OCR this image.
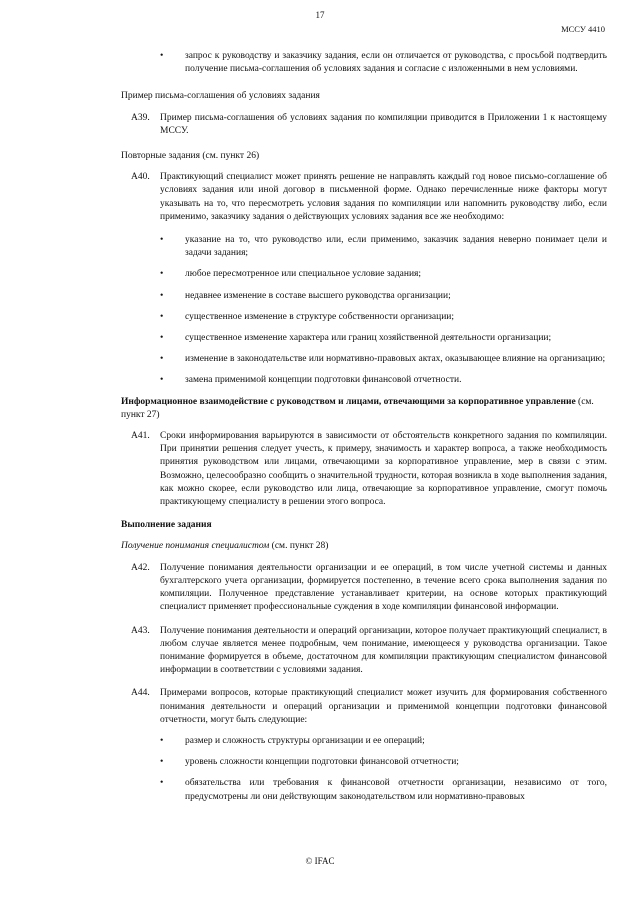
17
МССУ 4410
• запрос к руководству и заказчику задания, если он отличается от руководства, с просьбой подтвердить получение письма-соглашения об условиях задания и согласие с изложенными в нем условиями.

Пример письма-соглашения об условиях задания

A39. Пример письма-соглашения об условиях задания по компиляции приводится в Приложении 1 к настоящему МССУ.

Повторные задания (см. пункт 26)

A40. Практикующий специалист может принять решение не направлять каждый год новое письмо-соглашение об условиях задания или иной договор в письменной форме. Однако перечисленные ниже факторы могут указывать на то, что пересмотреть условия задания по компиляции или напомнить руководству либо, если применимо, заказчику задания о действующих условиях задания все же необходимо:
• указание на то, что руководство или, если применимо, заказчик задания неверно понимает цели и задачи задания;
• любое пересмотренное или специальное условие задания;
• недавнее изменение в составе высшего руководства организации;
• существенное изменение в структуре собственности организации;
• существенное изменение характера или границ хозяйственной деятельности организации;
• изменение в законодательстве или нормативно-правовых актах, оказывающее влияние на организацию;
• замена применимой концепции подготовки финансовой отчетности.

Информационное взаимодействие с руководством и лицами, отвечающими за корпоративное управление (см. пункт 27)

A41. Сроки информирования варьируются в зависимости от обстоятельств конкретного задания по компиляции. При принятии решения следует учесть, к примеру, значимость и характер вопроса, а также необходимость принятия руководством или лицами, отвечающими за корпоративное управление, мер в связи с этим. Возможно, целесообразно сообщить о значительной трудности, которая возникла в ходе выполнения задания, как можно скорее, если руководство или лица, отвечающие за корпоративное управление, смогут помочь практикующему специалисту в решении этого вопроса.

Выполнение задания

Получение понимания специалистом (см. пункт 28)

A42. Получение понимания деятельности организации и ее операций, в том числе учетной системы и данных бухгалтерского учета организации, формируется постепенно, в течение всего срока выполнения задания по компиляции. Полученное представление устанавливает критерии, на основе которых практикующий специалист применяет профессиональные суждения в ходе компиляции финансовой информации.
A43. Получение понимания деятельности и операций организации, которое получает практикующий специалист, в любом случае является менее подробным, чем понимание, имеющееся у руководства организации. Такое понимание формируется в объеме, достаточном для компиляции практикующим специалистом финансовой информации в соответствии с условиями задания.
A44. Примерами вопросов, которые практикующий специалист может изучить для формирования собственного понимания деятельности и операций организации и применимой концепции подготовки финансовой отчетности, могут быть следующие:
• размер и сложность структуры организации и ее операций;
• уровень сложности концепции подготовки финансовой отчетности;
• обязательства или требования к финансовой отчетности организации, независимо от того, предусмотрены ли они действующим законодательством или нормативно-правовых
© IFAC
